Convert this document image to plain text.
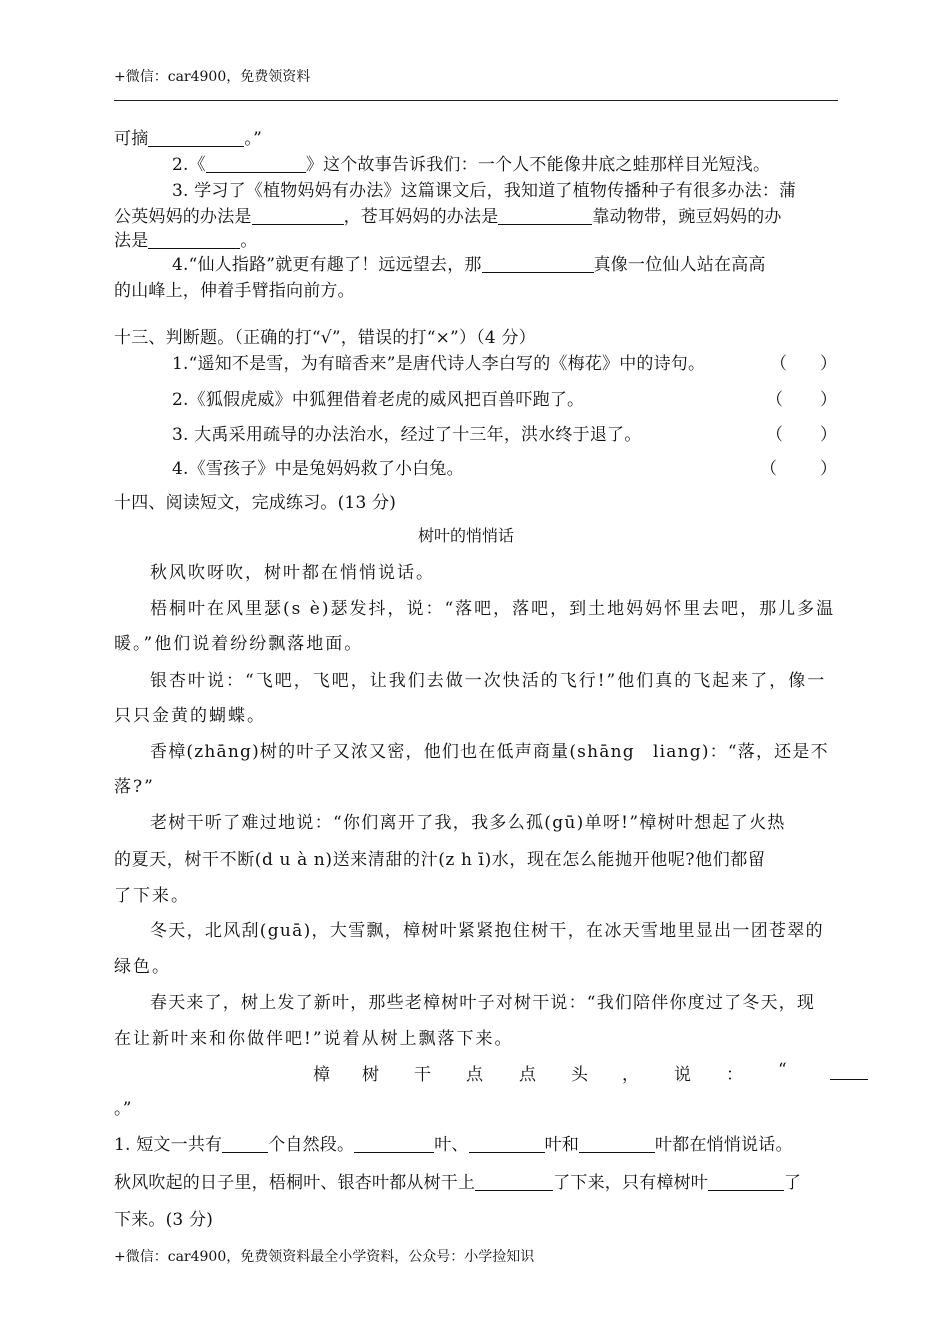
+微信：car4900，免费领资料
可摘	。”
2.《	》这个故事告诉我们：一个人不能像井底之蛙那样目光短浅。
3. 学习了《植物妈妈有办法》这篇课文后，我知道了植物传播种子有很多办法：蒲
公英妈妈的办法是	，苍耳妈妈的办法是	靠动物带，豌豆妈妈的办
法是	。
4.“仙人指路”就更有趣了！远远望去，那	真像一位仙人站在高高
的山峰上，伸着手臂指向前方。
十三、判断题。（正确的打“√”，错误的打“×”）（4 分）
1.“遥知不是雪，为有暗香来”是唐代诗人李白写的《梅花》中的诗句。	（ ）
2.《狐假虎威》中狐狸借着老虎的威风把百兽吓跑了。	（ ）
3. 大禹采用疏导的办法治水，经过了十三年，洪水终于退了。	（ ）
4.《雪孩子》中是兔妈妈救了小白兔。	（	）
十四、阅读短文，完成练习。(13 分)
树叶的悄悄话
秋风吹呀吹，树叶都在悄悄说话。
梧桐叶在风里瑟(s è)瑟发抖，说：“落吧，落吧，到土地妈妈怀里去吧，那儿多温
暖。”他们说着纷纷飘落地面。
银杏叶说：“飞吧，飞吧，让我们去做一次快活的飞行!”他们真的飞起来了，像一
只只金黄的蝴蝶。
香樟(zhāng)树的叶子又浓又密，他们也在低声商量(shāng　liang)：“落，还是不
落?”
老树干听了难过地说：“你们离开了我，我多么孤(gū)单呀!”樟树叶想起了火热
的夏天，树干不断(d u à n)送来清甜的汁(z h ī)水，现在怎么能抛开他呢?他们都留
了下来。
冬天，北风刮(guā)，大雪飘，樟树叶紧紧抱住树干，在冰天雪地里显出一团苍翠的
绿色。
春天来了，树上发了新叶，那些老樟树叶子对树干说：“我们陪伴你度过了冬天，现
在让新叶来和你做伴吧!”说着从树上飘落下来。
樟 树 干 点 点 头 ， 说 ： “
。”
1. 短文一共有	个自然段。	叶、	叶和	叶都在悄悄说话。
秋风吹起的日子里，梧桐叶、银杏叶都从树干上	了下来，只有樟树叶	了
下来。(3 分)
+微信：car4900，免费领资料最全小学资料，公众号：小学捡知识
